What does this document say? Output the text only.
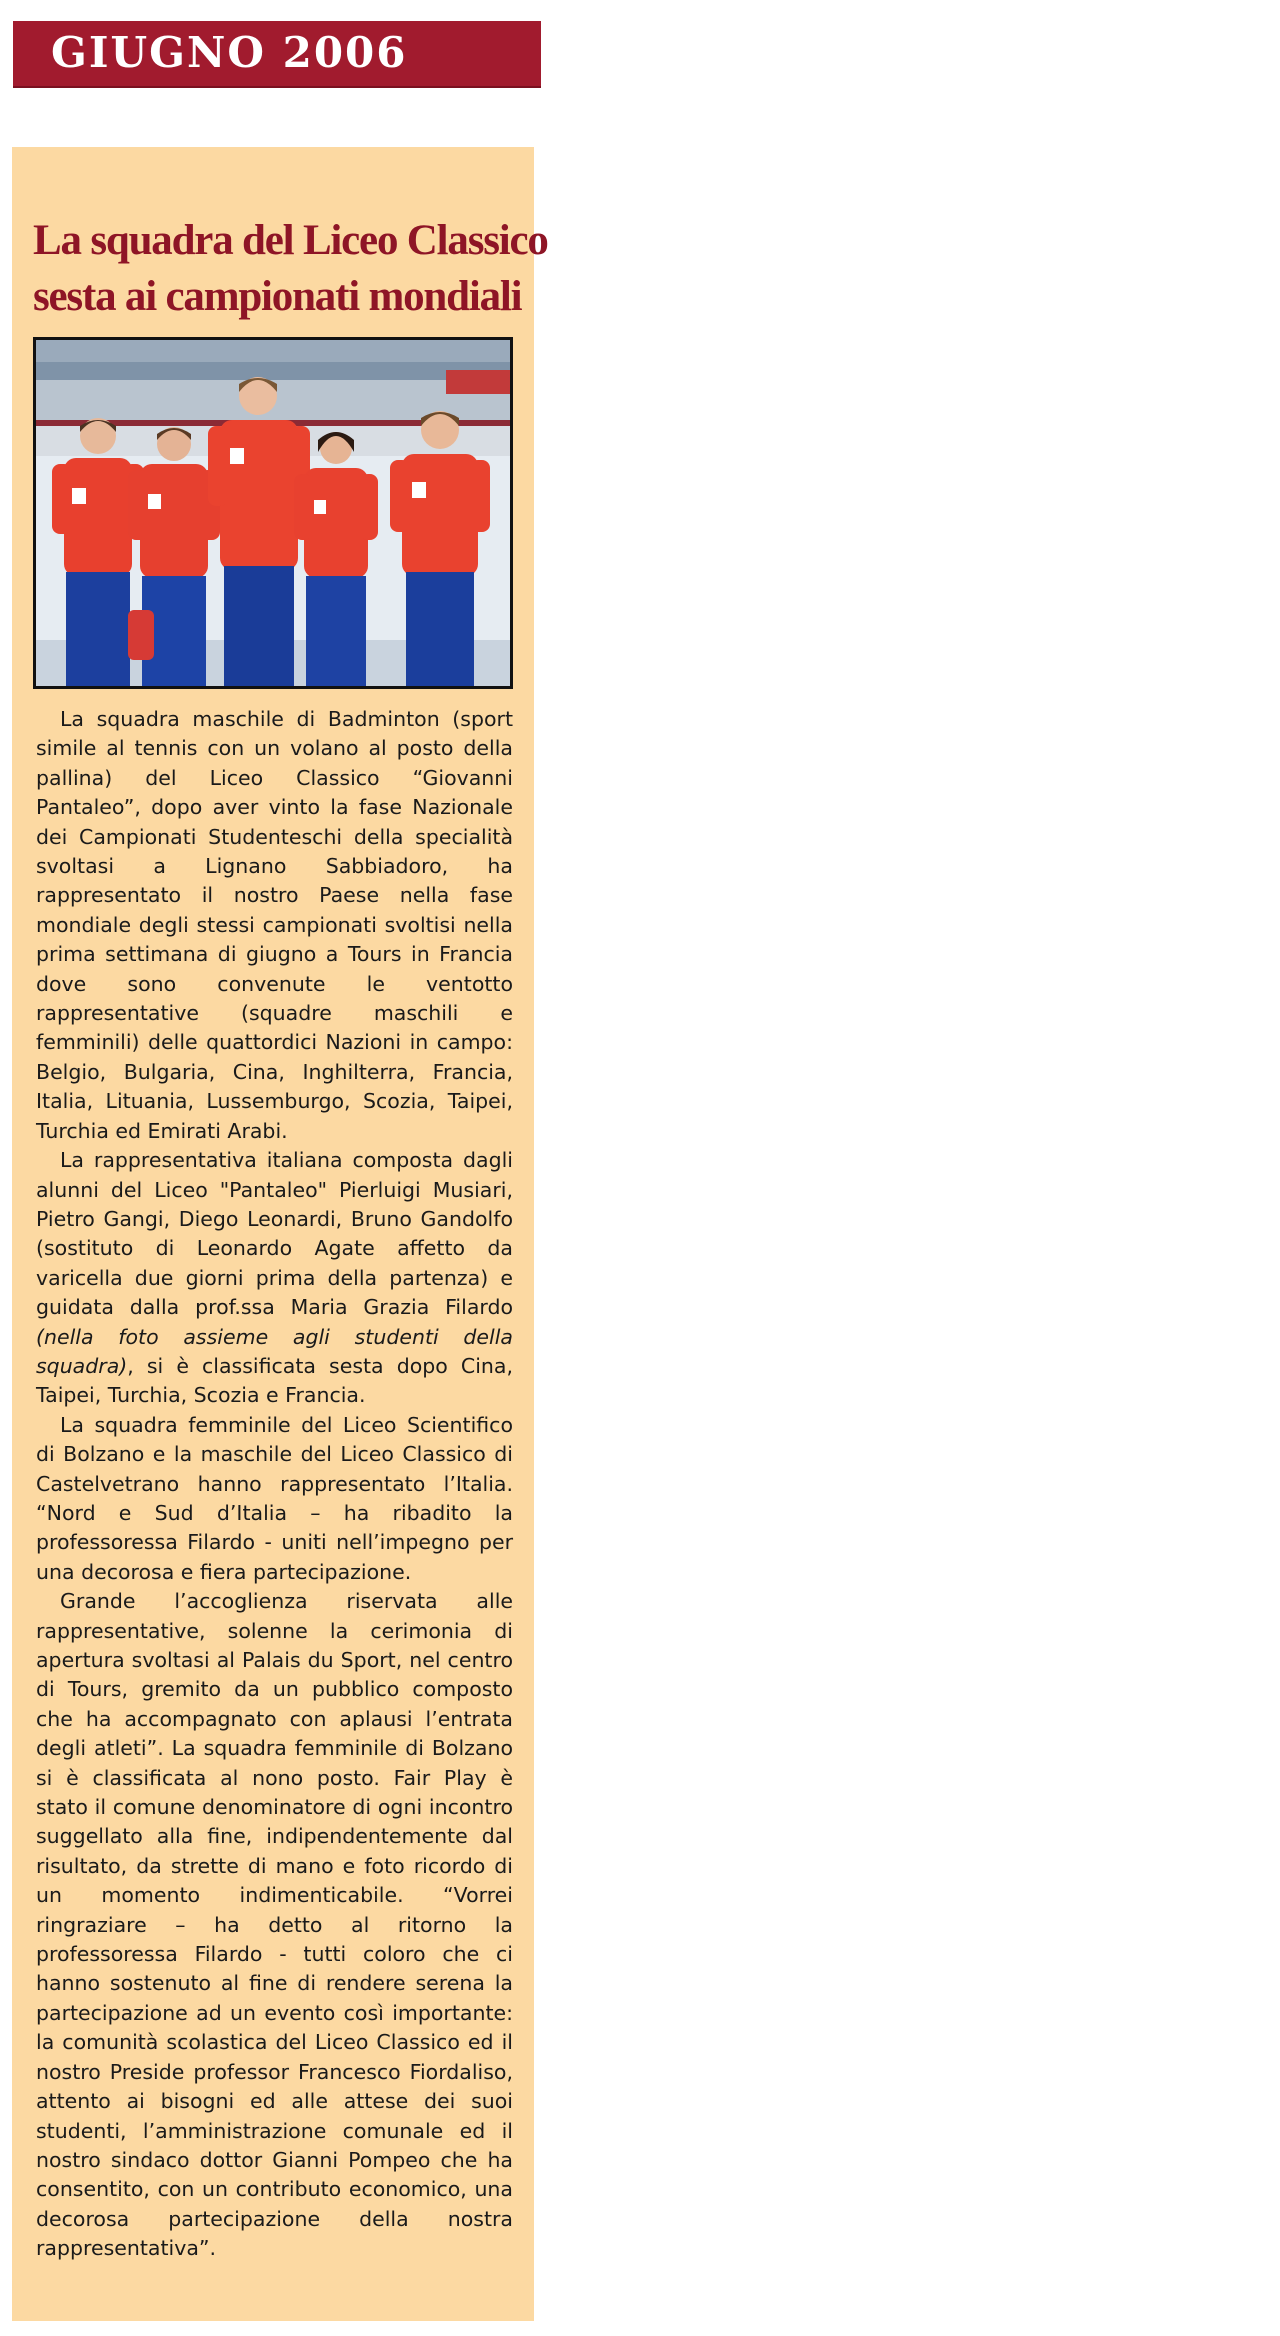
GIUGNO 2006
La squadra del Liceo Classico
sesta ai campionati mondiali

La squadra maschile di Badminton (sport simile al tennis con un volano al posto della pallina) del Liceo Classico “Giovanni Pantaleo”, dopo aver vinto la fase Nazionale dei Campionati Studenteschi della specialità svoltasi a Lignano Sabbiadoro, ha rappresentato il nostro Paese nella fase mondiale degli stessi campionati svoltisi nella prima settimana di giugno a Tours in Francia dove sono convenute le ventotto rappresentative (squadre maschili e femminili) delle quattordici Nazioni in campo: Belgio, Bulgaria, Cina, Inghilterra, Francia, Italia, Lituania, Lussemburgo, Scozia, Taipei, Turchia ed Emirati Arabi.

La rappresentativa italiana composta dagli alunni del Liceo "Pantaleo" Pierluigi Musiari, Pietro Gangi, Diego Leonardi, Bruno Gandolfo (sostituto di Leonardo Agate affetto da varicella due giorni prima della partenza) e guidata dalla prof.ssa Maria Grazia Filardo (nella foto assieme agli studenti della squadra), si è classificata sesta dopo Cina, Taipei, Turchia, Scozia e Francia.

La squadra femminile del Liceo Scientifico di Bolzano e la maschile del Liceo Classico di Castelvetrano hanno rappresentato l’Italia. “Nord e Sud d’Italia – ha ribadito la professoressa Filardo - uniti nell’impegno per una decorosa e fiera partecipazione.

Grande l’accoglienza riservata alle rappresentative, solenne la cerimonia di apertura svoltasi al Palais du Sport, nel centro di Tours, gremito da un pubblico composto che ha accompagnato con aplausi l’entrata degli atleti”. La squadra femminile di Bolzano si è classificata al nono posto. Fair Play è stato il comune denominatore di ogni incontro suggellato alla fine, indipendentemente dal risultato, da strette di mano e foto ricordo di un momento indimenticabile. “Vorrei ringraziare – ha detto al ritorno la professoressa Filardo - tutti coloro che ci hanno sostenuto al fine di rendere serena la partecipazione ad un evento così importante: la comunità scolastica del Liceo Classico ed il nostro Preside professor Francesco Fiordaliso, attento ai bisogni ed alle attese dei suoi studenti, l’amministrazione comunale ed il nostro sindaco dottor Gianni Pompeo che ha consentito, con un contributo economico, una decorosa partecipazione della nostra rappresentativa”.
